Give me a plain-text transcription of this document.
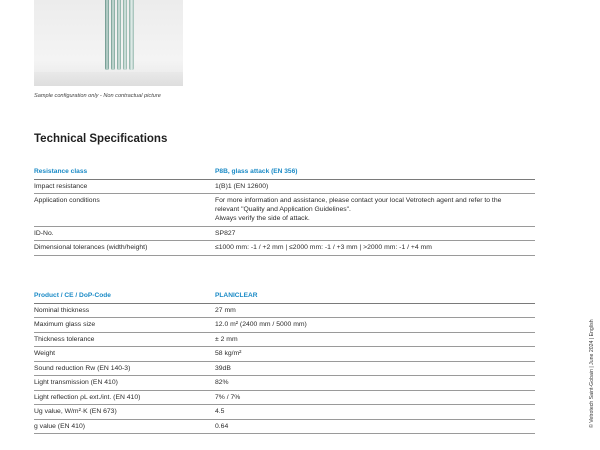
Sample configuration only - Non contractual picture
Technical Specifications
Resistance class	P8B, glass attack (EN 356)
Impact resistance	1(B)1 (EN 12600)
Application conditions	For more information and assistance, please contact your local Vetrotech agent and refer to the
relevant "Quality and Application Guidelines".
Always verify the side of attack.
ID-No.	SP827
Dimensional tolerances (width/height)	≤1000 mm: -1 / +2 mm | ≤2000 mm: -1 / +3 mm | >2000 mm: -1 / +4 mm
Product / CE / DoP-Code	PLANICLEAR
Nominal thickness	27 mm
Maximum glass size	12.0 m² (2400 mm / 5000 mm)
Thickness tolerance	± 2 mm
Weight	58 kg/m²
Sound reduction Rw (EN 140-3)	39dB
Light transmission (EN 410)	82%
Light reflection ρL ext./int. (EN 410)	7% / 7%
Ug value, W/m²·K (EN 673)	4.5
g value (EN 410)	0.64	© Vetrotech Saint-Gobain | June 2024 | English
